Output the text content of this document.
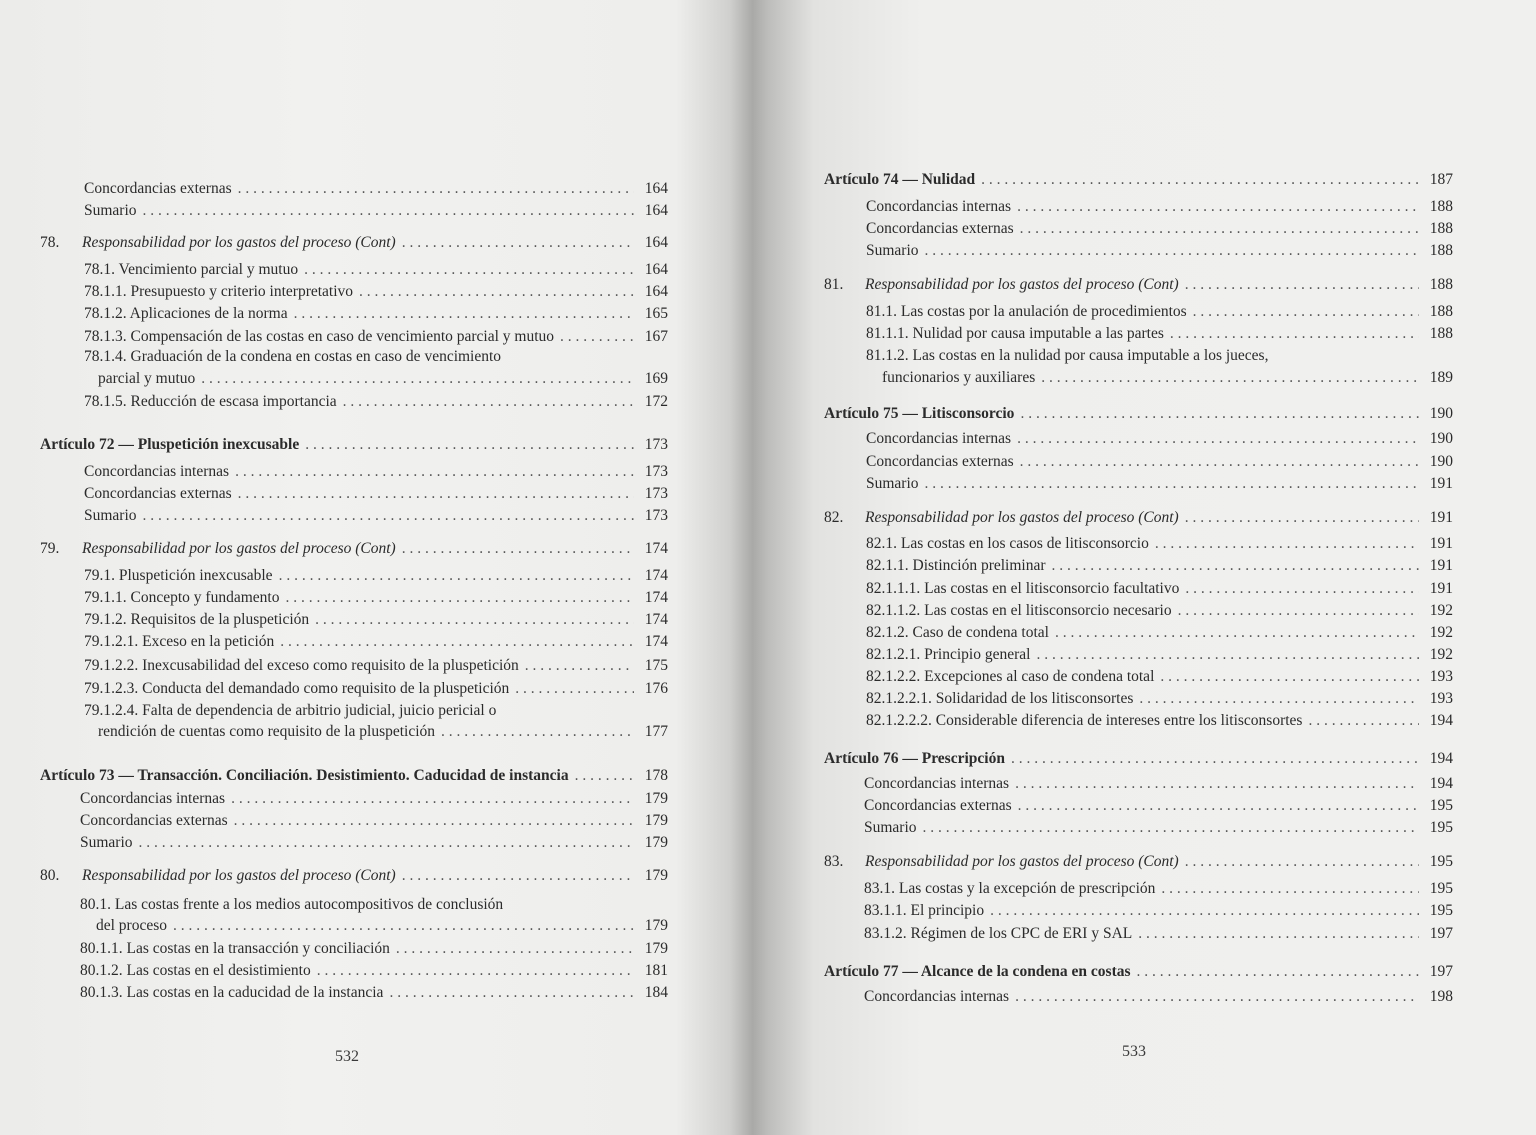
Concordancias externas . . .	164
Sumario . . .	164
78.	Responsabilidad por los gastos del proceso (Cont) . . .	164
78.1. Vencimiento parcial y mutuo . . .	164
78.1.1. Presupuesto y criterio interpretativo . . .	164
78.1.2. Aplicaciones de la norma . . .	165
78.1.3. Compensación de las costas en caso de vencimiento parcial y mutuo . . .	167
78.1.4. Graduación de la condena en costas en caso de vencimiento
parcial y mutuo . . .	169
78.1.5. Reducción de escasa importancia . . .	172
Artículo 72 — Pluspetición inexcusable . . .	173
Concordancias internas . . .	173
Concordancias externas . . .	173
Sumario . . .	173
79.	Responsabilidad por los gastos del proceso (Cont) . . .	174
79.1. Pluspetición inexcusable . . .	174
79.1.1. Concepto y fundamento . . .	174
79.1.2. Requisitos de la pluspetición . . .	174
79.1.2.1. Exceso en la petición . . .	174
79.1.2.2. Inexcusabilidad del exceso como requisito de la pluspetición . . .	175
79.1.2.3. Conducta del demandado como requisito de la pluspetición . . .	176
79.1.2.4. Falta de dependencia de arbitrio judicial, juicio pericial o
rendición de cuentas como requisito de la pluspetición . . .	177
Artículo 73 — Transacción. Conciliación. Desistimiento. Caducidad de instancia . . .	178
Concordancias internas . . .	179
Concordancias externas . . .	179
Sumario . . .	179
80.	Responsabilidad por los gastos del proceso (Cont) . . .	179
80.1. Las costas frente a los medios autocompositivos de conclusión
del proceso . . .	179
80.1.1. Las costas en la transacción y conciliación . . .	179
80.1.2. Las costas en el desistimiento . . .	181
80.1.3. Las costas en la caducidad de la instancia . . .	184
532
Artículo 74 — Nulidad . . .	187
Concordancias internas . . .	188
Concordancias externas . . .	188
Sumario . . .	188
81.	Responsabilidad por los gastos del proceso (Cont) . . .	188
81.1. Las costas por la anulación de procedimientos . . .	188
81.1.1. Nulidad por causa imputable a las partes . . .	188
81.1.2. Las costas en la nulidad por causa imputable a los jueces,
funcionarios y auxiliares . . .	189
Artículo 75 — Litisconsorcio . . .	190
Concordancias internas . . .	190
Concordancias externas . . .	190
Sumario . . .	191
82.	Responsabilidad por los gastos del proceso (Cont) . . .	191
82.1. Las costas en los casos de litisconsorcio . . .	191
82.1.1. Distinción preliminar . . .	191
82.1.1.1. Las costas en el litisconsorcio facultativo . . .	191
82.1.1.2. Las costas en el litisconsorcio necesario . . .	192
82.1.2. Caso de condena total . . .	192
82.1.2.1. Principio general . . .	192
82.1.2.2. Excepciones al caso de condena total . . .	193
82.1.2.2.1. Solidaridad de los litisconsortes . . .	193
82.1.2.2.2. Considerable diferencia de intereses entre los litisconsortes . . .	194
Artículo 76 — Prescripción . . .	194
Concordancias internas . . .	194
Concordancias externas . . .	195
Sumario . . .	195
83.	Responsabilidad por los gastos del proceso (Cont) . . .	195
83.1. Las costas y la excepción de prescripción . . .	195
83.1.1. El principio . . .	195
83.1.2. Régimen de los CPC de ERI y SAL . . .	197
Artículo 77 — Alcance de la condena en costas . . .	197
Concordancias internas . . .	198
533
